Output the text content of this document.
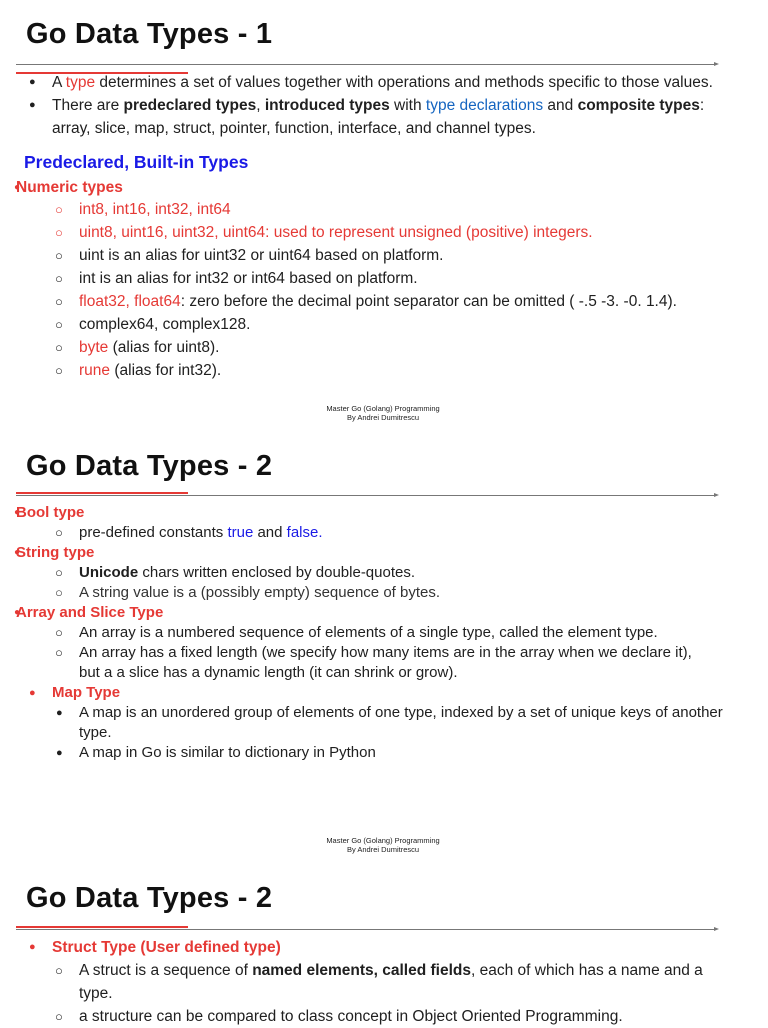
Go Data Types - 1
● A type determines a set of values together with operations and methods specific to those values.
● There are predeclared types, introduced types with type declarations and composite types: array, slice, map, struct, pointer, function, interface, and channel types.
Predeclared, Built-in Types
● Numeric types
○ int8, int16, int32, int64
○ uint8, uint16, uint32, uint64: used to represent unsigned (positive) integers.
○ uint is an alias for uint32 or uint64 based on platform.
○ int is an alias for int32 or int64 based on platform.
○ float32, float64: zero before the decimal point separator can be omitted ( -.5 -3. -0. 1.4).
○ complex64, complex128.
○ byte (alias for uint8).
○ rune (alias for int32).
Master Go (Golang) Programming
By Andrei Dumitrescu
Go Data Types - 2
● Bool type
○ pre-defined constants true and false.
● String type
○ Unicode chars written enclosed by double-quotes.
○ A string value is a (possibly empty) sequence of bytes.
● Array and Slice Type
○ An array is a numbered sequence of elements of a single type, called the element type.
○ An array has a fixed length (we specify how many items are in the array when we declare it), but a a slice has a dynamic length (it can shrink or grow).
● Map Type
● A map is an unordered group of elements of one type, indexed by a set of unique keys of another type.
● A map in Go is similar to dictionary in Python
Master Go (Golang) Programming
By Andrei Dumitrescu
Go Data Types - 2
● Struct Type (User defined type)
○ A struct is a sequence of named elements, called fields, each of which has a name and a type.
○ a structure can be compared to class concept in Object Oriented Programming.
